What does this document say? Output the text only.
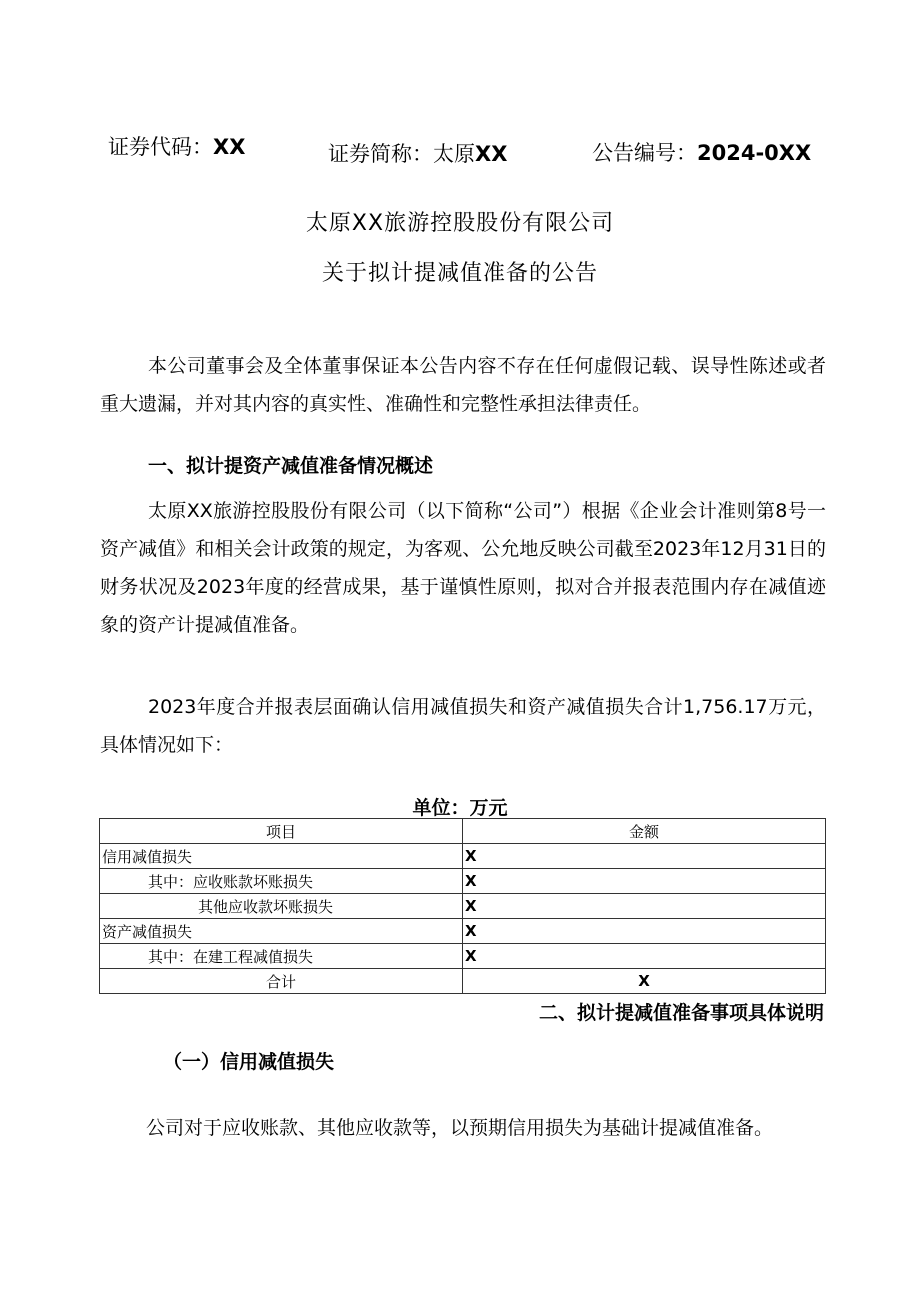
证券代码：XX	证券简称：太原XX	公告编号：2024-0XX
太原XX旅游控股股份有限公司
关于拟计提减值准备的公告
本公司董事会及全体董事保证本公告内容不存在任何虚假记载、误导性陈述或者重大遗漏，并对其内容的真实性、准确性和完整性承担法律责任。
一、拟计提资产减值准备情况概述
太原XX旅游控股股份有限公司（以下简称“公司”）根据《企业会计准则第8号一资产减值》和相关会计政策的规定，为客观、公允地反映公司截至2023年12月31日的财务状况及2023年度的经营成果，基于谨慎性原则，拟对合并报表范围内存在减值迹象的资产计提减值准备。
2023年度合并报表层面确认信用减值损失和资产减值损失合计1,756.17万元，具体情况如下：
单位：万元
项目	金额
信用减值损失	X
其中：应收账款坏账损失	X
其他应收款坏账损失	X
资产减值损失	X
其中：在建工程减值损失	X
合计	X
二、拟计提减值准备事项具体说明
（一）信用减值损失
公司对于应收账款、其他应收款等，以预期信用损失为基础计提减值准备。
